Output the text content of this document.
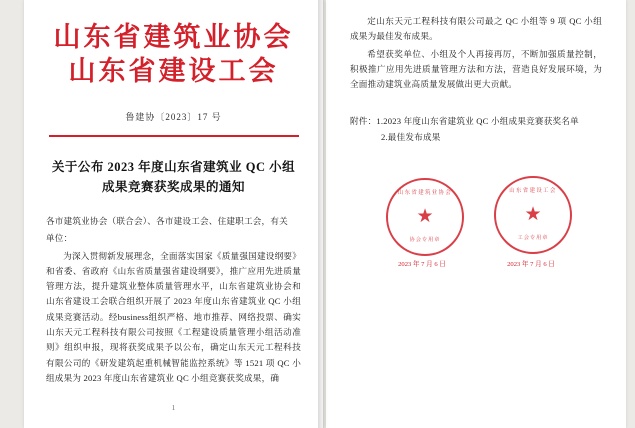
山东省建筑业协会
山东省建设工会
鲁建协〔2023〕17 号
关于公布 2023 年度山东省建筑业 QC 小组
成果竞赛获奖成果的通知

各市建筑业协会（联合会）、各市建设工会、住建职工会，有关

单位：

为深入贯彻新发展理念，全面落实国家《质量强国建设纲要》和省委、省政府《山东省质量强省建设纲要》，推广应用先进质量管理方法，提升建筑业整体质量管理水平，山东省建筑业协会和山东省建设工会联合组织开展了 2023 年度山东省建筑业 QC 小组成果竞赛活动。经business组织严格、地市推荐、网络投票、确实山东天元工程科技有限公司按照《工程建设质量管理小组活动准则》组织申报，现将获奖成果予以公布，确定山东天元工程科技有限公司的《研发建筑起重机械智能监控系统》等 1521 项 QC 小组成果为 2023 年度山东省建筑业 QC 小组竞赛获奖成果，确

1

定山东天元工程科技有限公司最之 QC 小组等 9 项 QC 小组成果为最佳发布成果。

希望获奖单位、小组及个人再接再厉，不断加强质量控制，积极推广应用先进质量管理方法和方法，营造良好发展环境，为全面推动建筑业高质量发展做出更大贡献。

附件：1.2023 年度山东省建筑业 QC 小组成果竞赛获奖名单
2.最佳发布成果
山东省建筑业协会
★
协会专用章
山东省建设工会
★
工会专用章
2023 年 7 月 6 日	2023 年 7 月 6 日
